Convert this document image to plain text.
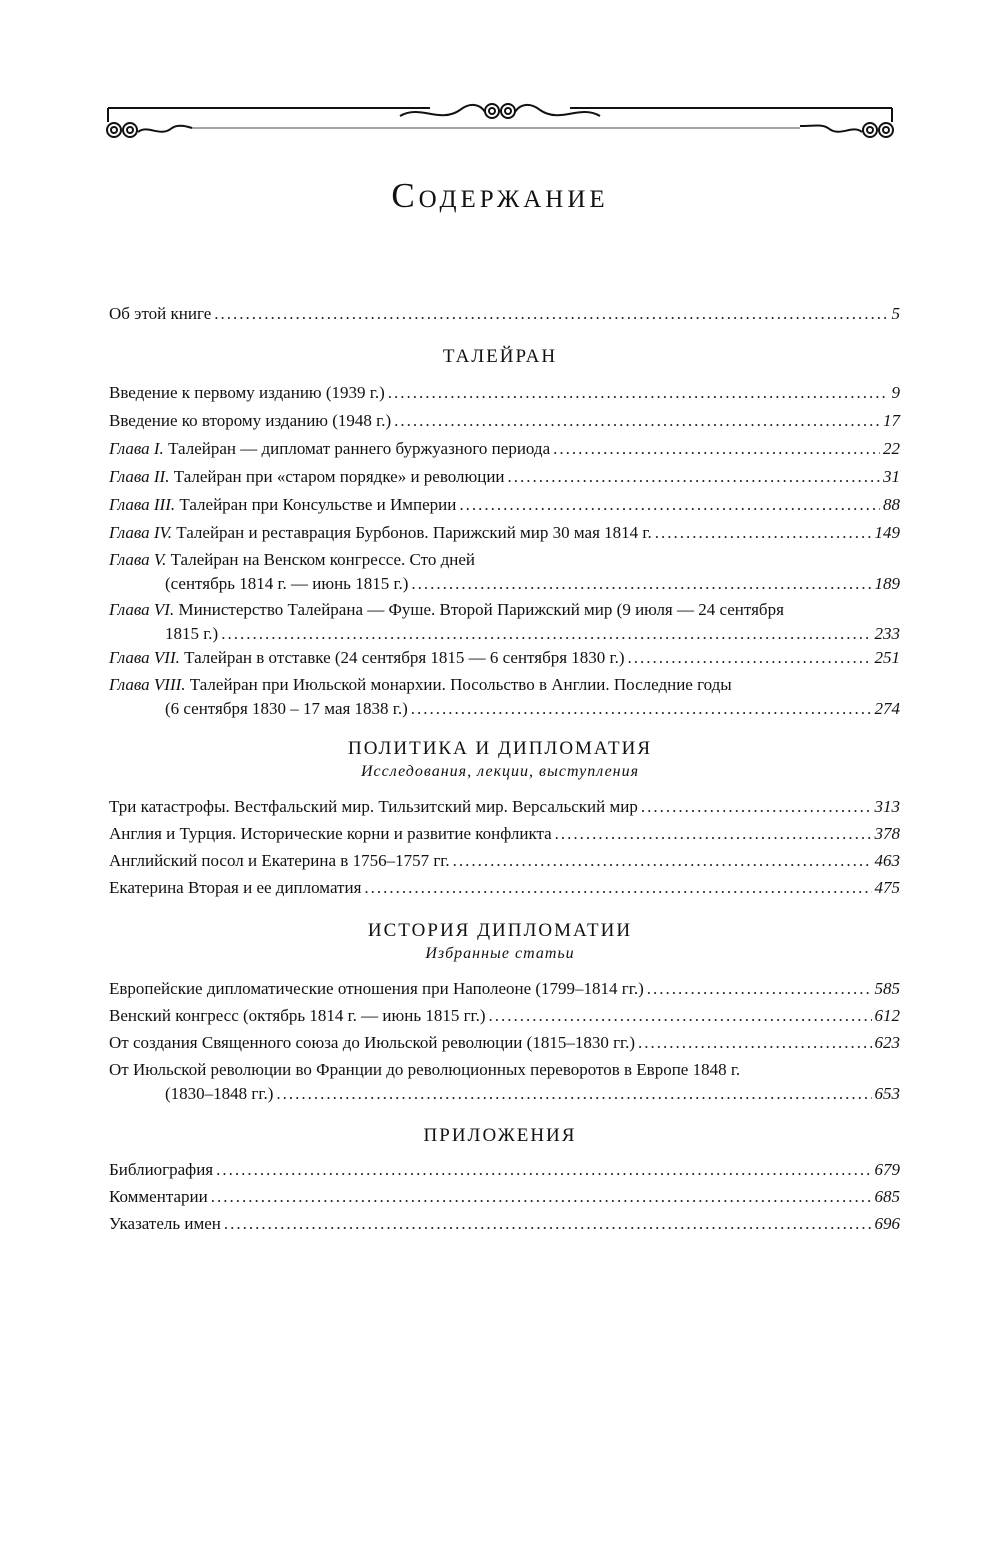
Содержание
Об этой книге .....	5
ТАЛЕЙРАН
Введение к первому изданию (1939 г.) .....	9
Введение ко второму изданию (1948 г.) .....	17
Глава I. Талейран — дипломат раннего буржуазного периода .....	22
Глава II. Талейран при «старом порядке» и революции .....	31
Глава III. Талейран при Консульстве и Империи .....	88
Глава IV. Талейран и реставрация Бурбонов. Парижский мир 30 мая 1814 г. .....	149
Глава V. Талейран на Венском конгрессе. Сто дней
(сентябрь 1814 г. — июнь 1815 г.) .....	189
Глава VI. Министерство Талейрана — Фуше. Второй Парижский мир (9 июля — 24 сентября
1815 г.) .....	233
Глава VII. Талейран в отставке (24 сентября 1815 — 6 сентября 1830 г.) .....	251
Глава VIII. Талейран при Июльской монархии. Посольство в Англии. Последние годы
(6 сентября 1830 – 17 мая 1838 г.) .....	274
ПОЛИТИКА И ДИПЛОМАТИЯ
Исследования, лекции, выступления
Три катастрофы. Вестфальский мир. Тильзитский мир. Версальский мир .....	313
Англия и Турция. Исторические корни и развитие конфликта .....	378
Английский посол и Екатерина в 1756–1757 гг. .....	463
Екатерина Вторая и ее дипломатия .....	475
ИСТОРИЯ ДИПЛОМАТИИ
Избранные статьи
Европейские дипломатические отношения при Наполеоне (1799–1814 гг.) .....	585
Венский конгресс (октябрь 1814 г. — июнь 1815 гг.) .....	612
От создания Священного союза до Июльской революции (1815–1830 гг.) .....	623
От Июльской революции во Франции до революционных переворотов в Европе 1848 г.
(1830–1848 гг.) .....	653
ПРИЛОЖЕНИЯ
Библиография .....	679
Комментарии .....	685
Указатель имен .....	696
